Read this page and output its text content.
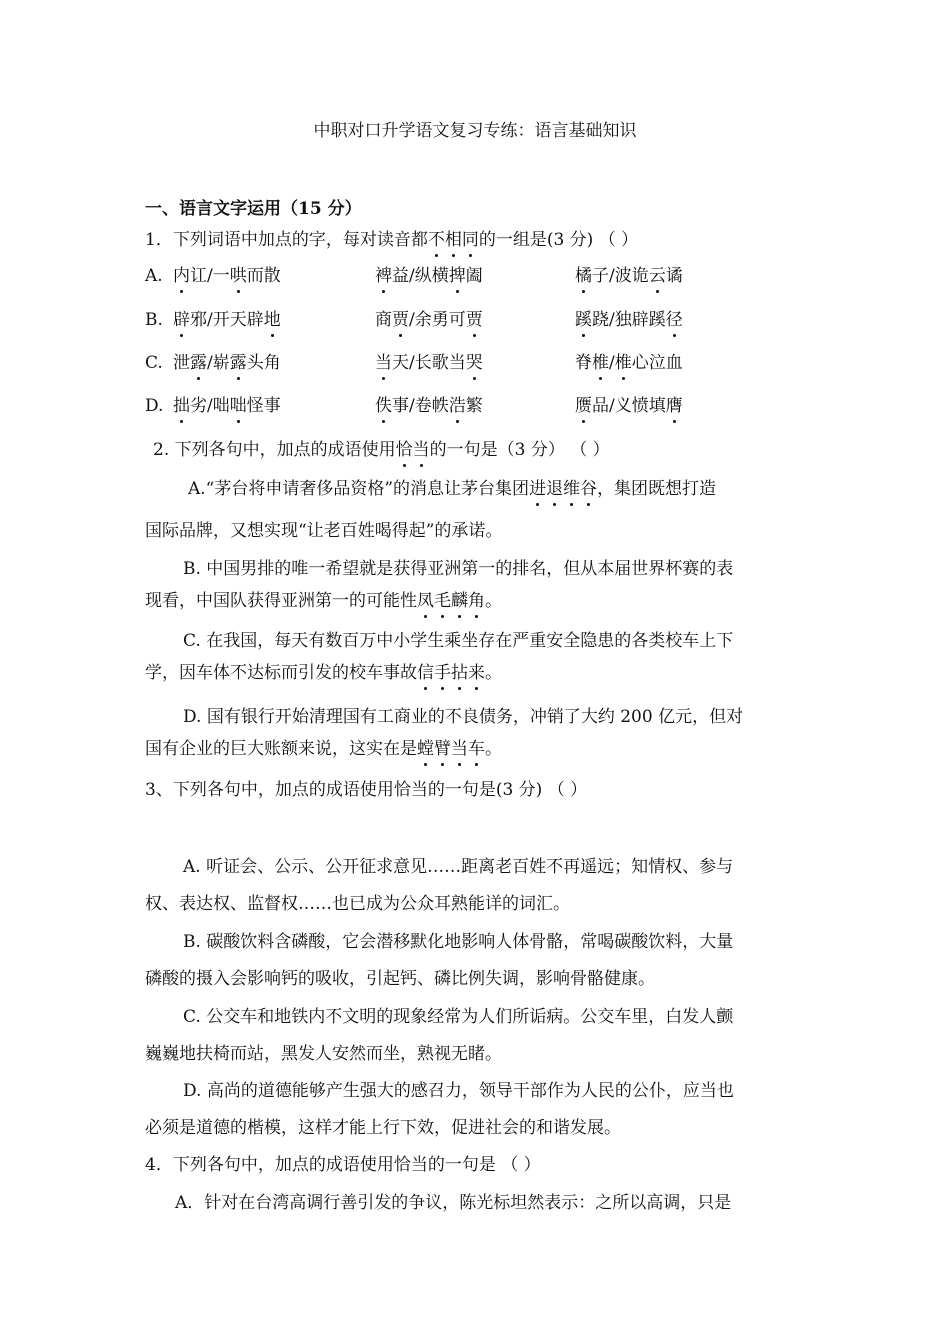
中职对口升学语文复习专练：语言基础知识
一、语言文字运用（15 分）
1．下列词语中加点的字，每对读音都不相同的一组是(3 分) （ ）
A. 内讧/一哄而散	裨益/纵横捭阖	橘子/波诡云谲
B. 辟邪/开天辟地	商贾/余勇可贾	蹊跷/独辟蹊径
C. 泄露/崭露头角	当天/长歌当哭	脊椎/椎心泣血
D. 拙劣/咄咄怪事	佚事/卷帙浩繁	赝品/义愤填膺
2. 下列各句中，加点的成语使用恰当的一句是（3 分） （ ）
A.“茅台将申请奢侈品资格”的消息让茅台集团进退维谷，集团既想打造
国际品牌，又想实现“让老百姓喝得起”的承诺。
B. 中国男排的唯一希望就是获得亚洲第一的排名，但从本届世界杯赛的表
现看，中国队获得亚洲第一的可能性凤毛麟角。
C. 在我国，每天有数百万中小学生乘坐存在严重安全隐患的各类校车上下
学，因车体不达标而引发的校车事故信手拈来。
D. 国有银行开始清理国有工商业的不良债务，冲销了大约 200 亿元，但对
国有企业的巨大账额来说，这实在是螳臂当车。
3、下列各句中，加点的成语使用恰当的一句是(3 分) （ ）
A. 听证会、公示、公开征求意见……距离老百姓不再遥远；知情权、参与
权、表达权、监督权……也已成为公众耳熟能详的词汇。
B. 碳酸饮料含磷酸，它会潜移默化地影响人体骨骼，常喝碳酸饮料，大量
磷酸的摄入会影响钙的吸收，引起钙、磷比例失调，影响骨骼健康。
C. 公交车和地铁内不文明的现象经常为人们所诟病。公交车里，白发人颤
巍巍地扶椅而站，黑发人安然而坐，熟视无睹。
D. 高尚的道德能够产生强大的感召力，领导干部作为人民的公仆，应当也
必须是道德的楷模，这样才能上行下效，促进社会的和谐发展。
4．下列各句中，加点的成语使用恰当的一句是 （ ）
A．针对在台湾高调行善引发的争议，陈光标坦然表示：之所以高调，只是
